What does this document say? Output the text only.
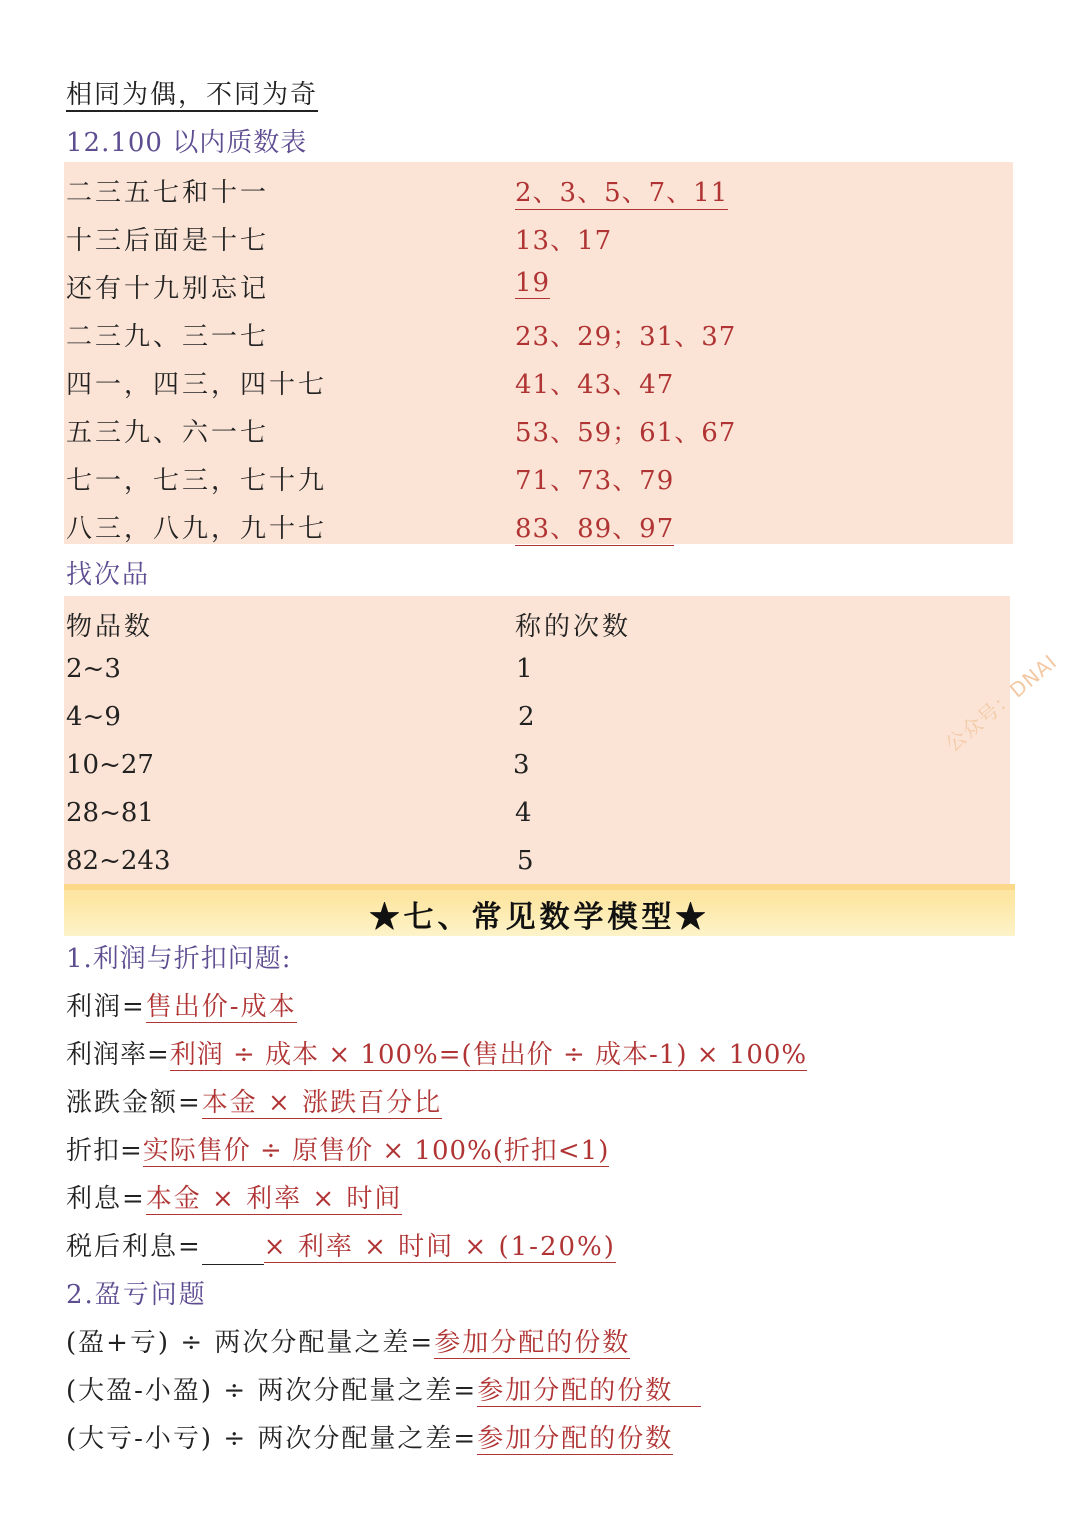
相同为偶，不同为奇
12.100 以内质数表
二三五七和十一	2、3、5、7、11
十三后面是十七	13、17
还有十九别忘记	19
二三九、三一七	23、29；31、37
四一，四三，四十七	41、43、47
五三九、六一七	53、59；61、67
七一，七三，七十九	71、73、79
八三，八九，九十七	83、89、97
找次品
物品数	称的次数
2~3	1
4~9	2
10~27	3
28~81	4
82~243	5
公众号：DNAI
★七、常见数学模型★
1.利润与折扣问题:
利润=售出价-成本
利润率=利润 ÷ 成本 × 100%=(售出价 ÷ 成本-1) × 100%
涨跌金额=本金 × 涨跌百分比
折扣=实际售价 ÷ 原售价 × 100%(折扣<1)
利息=本金 × 利率 × 时间
税后利息= × 利率 × 时间 × (1-20%)
2.盈亏问题
(盈+亏) ÷ 两次分配量之差=参加分配的份数
(大盈-小盈) ÷ 两次分配量之差=参加分配的份数
(大亏-小亏) ÷ 两次分配量之差=参加分配的份数
